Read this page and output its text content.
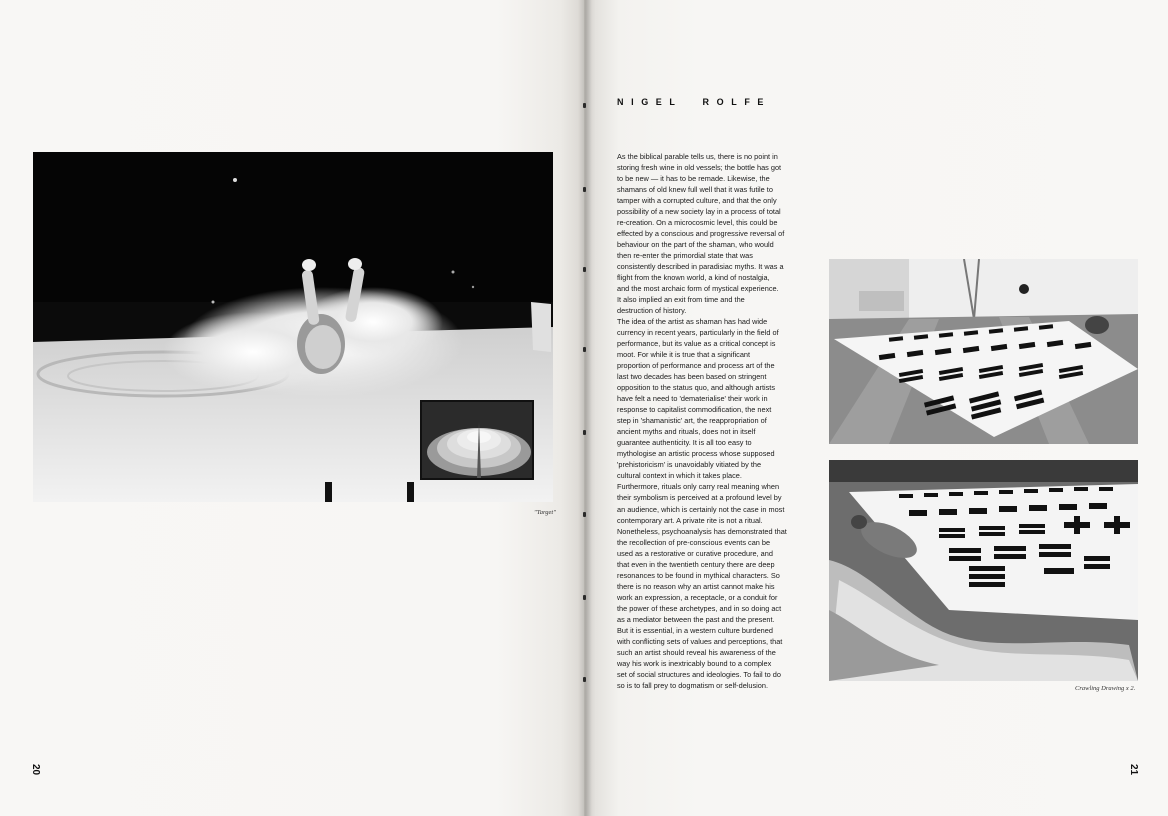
"Target"
20
NIGEL  ROLFE
As the biblical parable tells us, there is no point in
storing fresh wine in old vessels; the bottle has got
to be new — it has to be remade. Likewise, the
shamans of old knew full well that it was futile to
tamper with a corrupted culture, and that the only
possibility of a new society lay in a process of total
re-creation. On a microcosmic level, this could be
effected by a conscious and progressive reversal of
behaviour on the part of the shaman, who would
then re-enter the primordial state that was
consistently described in paradisiac myths. It was a
flight from the known world, a kind of nostalgia,
and the most archaic form of mystical experience.
It also implied an exit from time and the
destruction of history.
The idea of the artist as shaman has had wide
currency in recent years, particularly in the field of
performance, but its value as a critical concept is
moot. For while it is true that a significant
proportion of performance and process art of the
last two decades has been based on stringent
opposition to the status quo, and although artists
have felt a need to 'dematerialise' their work in
response to capitalist commodification, the next
step in 'shamanistic' art, the reappropriation of
ancient myths and rituals, does not in itself
guarantee authenticity. It is all too easy to
mythologise an artistic process whose supposed
'prehistoricism' is unavoidably vitiated by the
cultural context in which it takes place.
Furthermore, rituals only carry real meaning when
their symbolism is perceived at a profound level by
an audience, which is certainly not the case in most
contemporary art. A private rite is not a ritual.
Nonetheless, psychoanalysis has demonstrated that
the recollection of pre-conscious events can be
used as a restorative or curative procedure, and
that even in the twentieth century there are deep
resonances to be found in mythical characters. So
there is no reason why an artist cannot make his
work an expression, a receptacle, or a conduit for
the power of these archetypes, and in so doing act
as a mediator between the past and the present.
But it is essential, in a western culture burdened
with conflicting sets of values and perceptions, that
such an artist should reveal his awareness of the
way his work is inextricably bound to a complex
set of social structures and ideologies. To fail to do
so is to fall prey to dogmatism or self-delusion.	Crawling Drawing x 2.
21
